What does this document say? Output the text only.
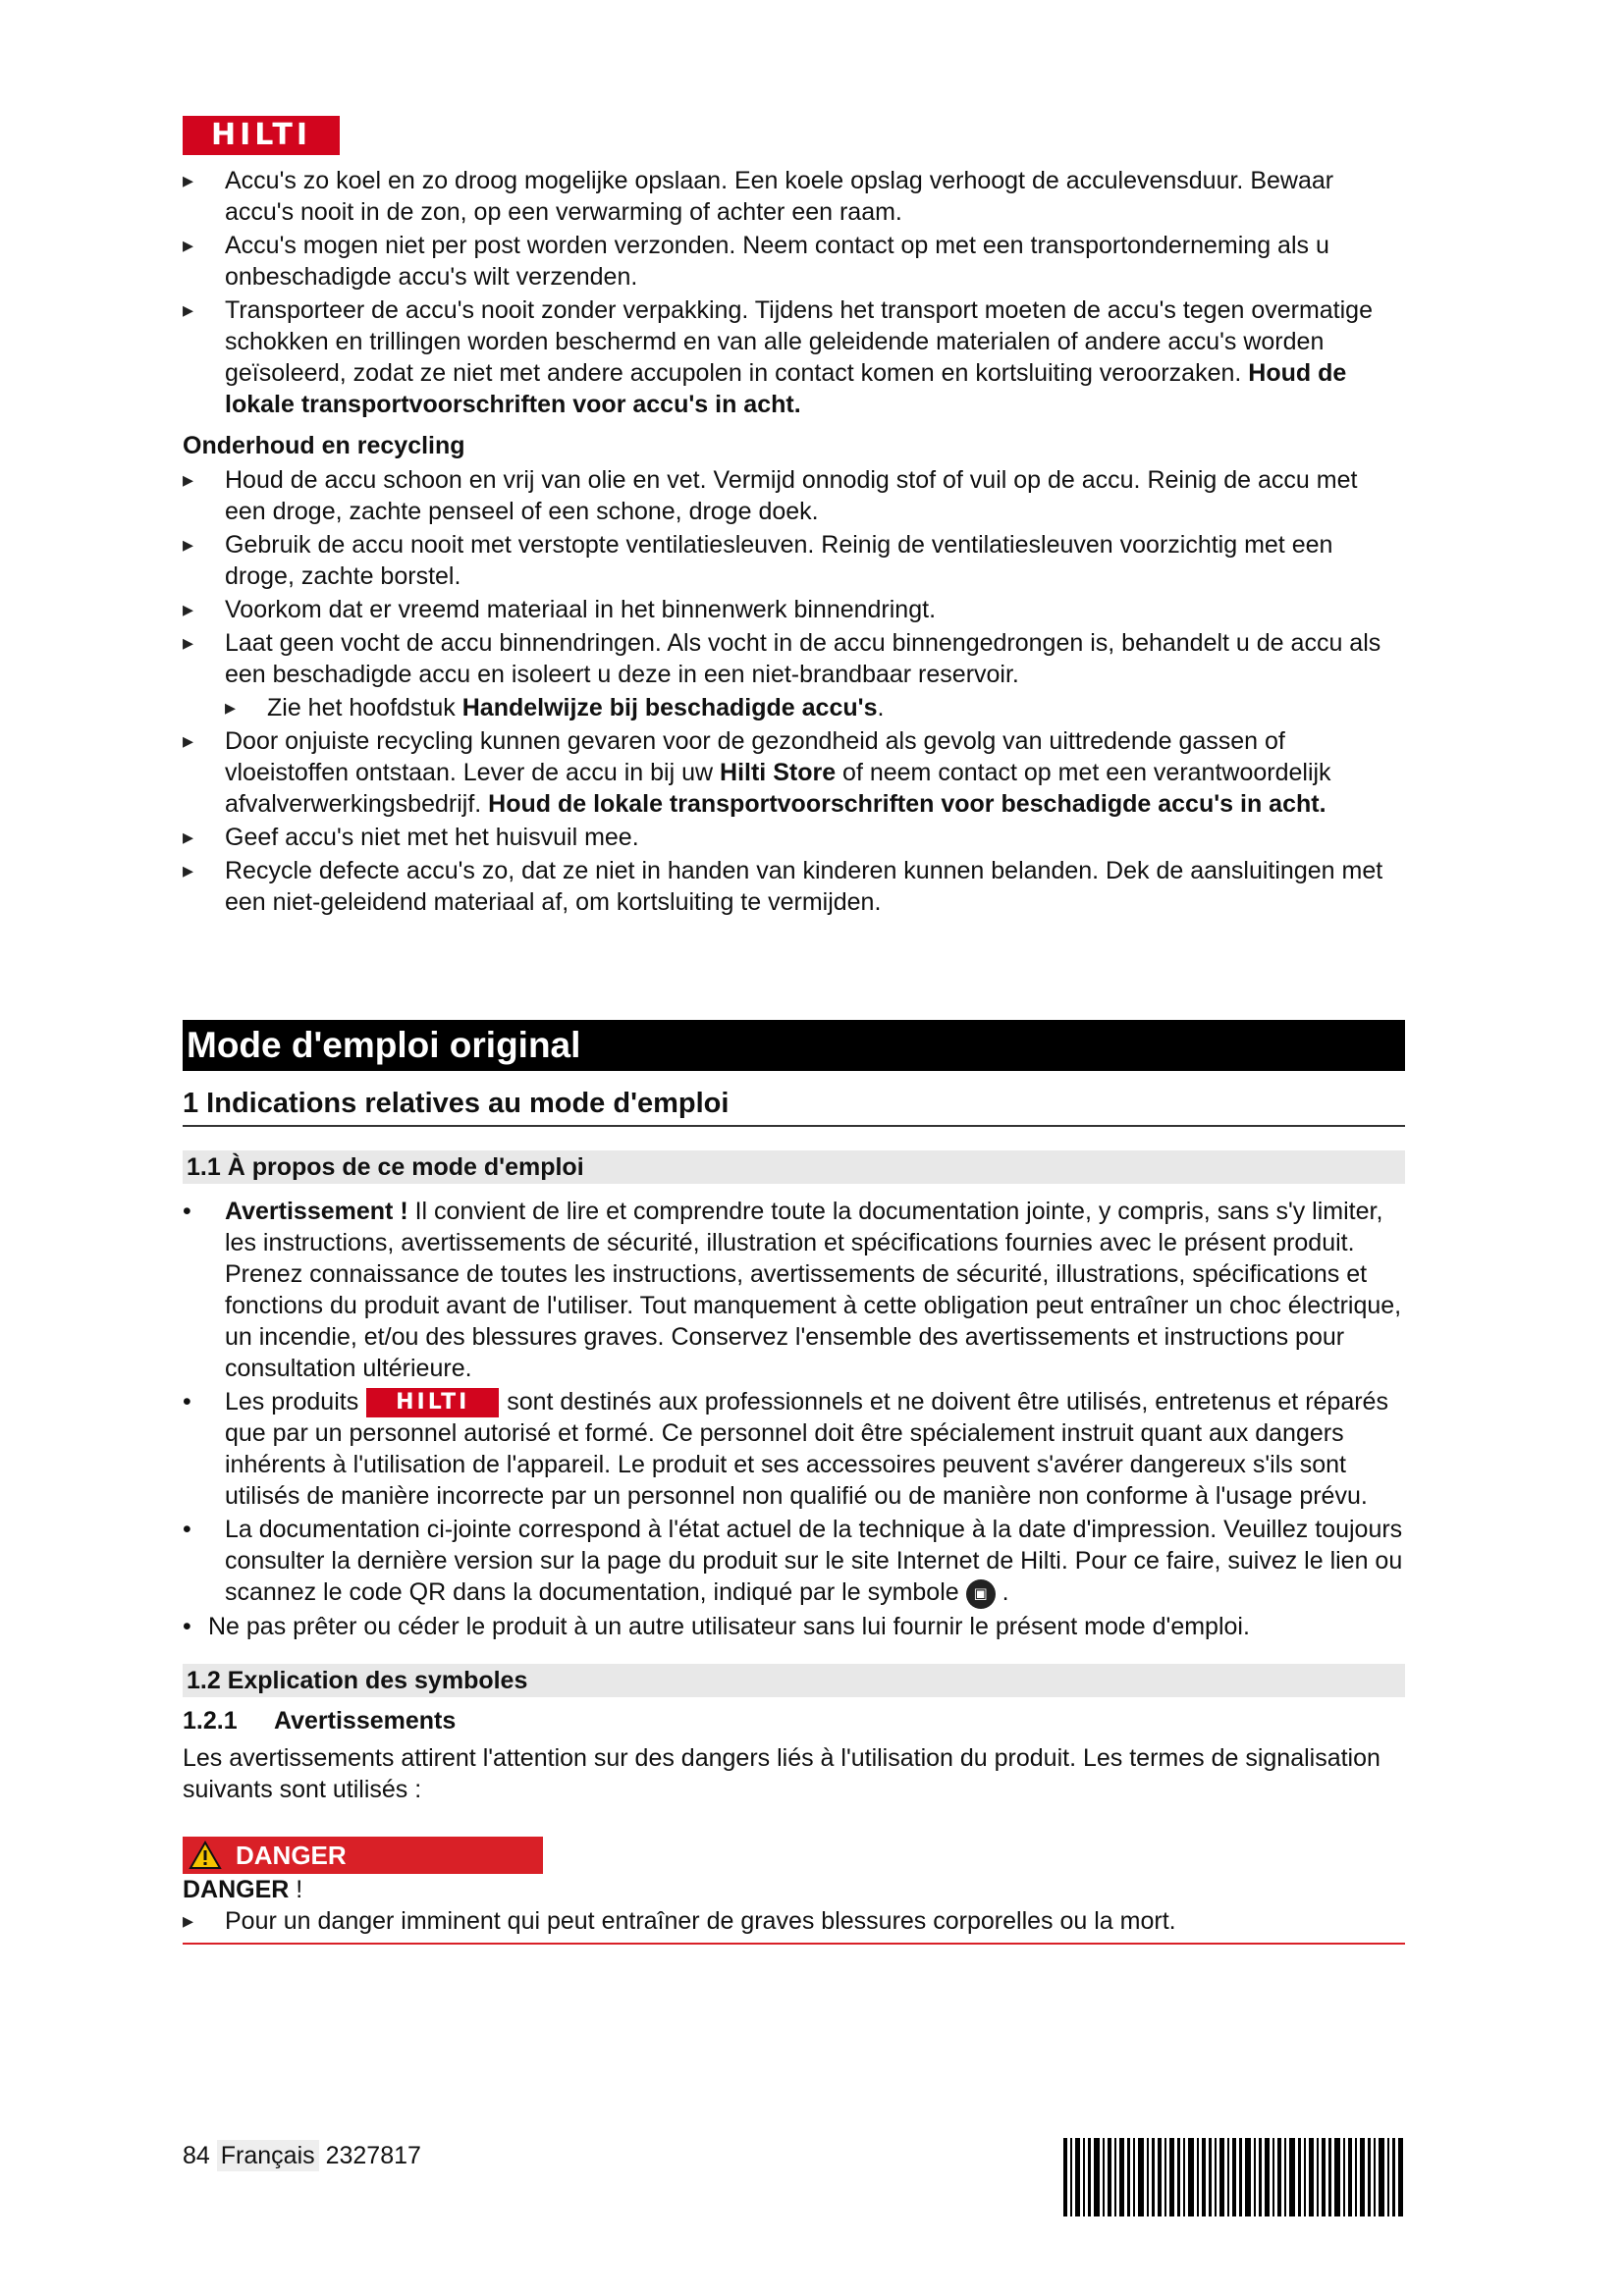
HILTI
▸ Accu's zo koel en zo droog mogelijke opslaan. Een koele opslag verhoogt de acculevensduur. Bewaar accu's nooit in de zon, op een verwarming of achter een raam.
▸ Accu's mogen niet per post worden verzonden. Neem contact op met een transportonderneming als u onbeschadigde accu's wilt verzenden.
▸ Transporteer de accu's nooit zonder verpakking. Tijdens het transport moeten de accu's tegen overmatige schokken en trillingen worden beschermd en van alle geleidende materialen of andere accu's worden geïsoleerd, zodat ze niet met andere accupolen in contact komen en kortsluiting veroorzaken. Houd de lokale transportvoorschriften voor accu's in acht.
Onderhoud en recycling
▸ Houd de accu schoon en vrij van olie en vet. Vermijd onnodig stof of vuil op de accu. Reinig de accu met een droge, zachte penseel of een schone, droge doek.
▸ Gebruik de accu nooit met verstopte ventilatiesleuven. Reinig de ventilatiesleuven voorzichtig met een droge, zachte borstel.
▸ Voorkom dat er vreemd materiaal in het binnenwerk binnendringt.
▸ Laat geen vocht de accu binnendringen. Als vocht in de accu binnengedrongen is, behandelt u de accu als een beschadigde accu en isoleert u deze in een niet-brandbaar reservoir.
▸ Zie het hoofdstuk Handelwijze bij beschadigde accu's.
▸ Door onjuiste recycling kunnen gevaren voor de gezondheid als gevolg van uittredende gassen of vloeistoffen ontstaan. Lever de accu in bij uw Hilti Store of neem contact op met een verantwoordelijk afvalverwerkingsbedrijf. Houd de lokale transportvoorschriften voor beschadigde accu's in acht.
▸ Geef accu's niet met het huisvuil mee.
▸ Recycle defecte accu's zo, dat ze niet in handen van kinderen kunnen belanden. Dek de aansluitingen met een niet-geleidend materiaal af, om kortsluiting te vermijden.
Mode d'emploi original
1 Indications relatives au mode d'emploi
1.1 À propos de ce mode d'emploi
• Avertissement ! Il convient de lire et comprendre toute la documentation jointe, y compris, sans s'y limiter, les instructions, avertissements de sécurité, illustration et spécifications fournies avec le présent produit. Prenez connaissance de toutes les instructions, avertissements de sécurité, illustrations, spécifications et fonctions du produit avant de l'utiliser. Tout manquement à cette obligation peut entraîner un choc électrique, un incendie, et/ou des blessures graves. Conservez l'ensemble des avertissements et instructions pour consultation ultérieure.
• Les produits HILTI sont destinés aux professionnels et ne doivent être utilisés, entretenus et réparés que par un personnel autorisé et formé. Ce personnel doit être spécialement instruit quant aux dangers inhérents à l'utilisation de l'appareil. Le produit et ses accessoires peuvent s'avérer dangereux s'ils sont utilisés de manière incorrecte par un personnel non qualifié ou de manière non conforme à l'usage prévu.
• La documentation ci-jointe correspond à l'état actuel de la technique à la date d'impression. Veuillez toujours consulter la dernière version sur la page du produit sur le site Internet de Hilti. Pour ce faire, suivez le lien ou scannez le code QR dans la documentation, indiqué par le symbole ▣ .
• Ne pas prêter ou céder le produit à un autre utilisateur sans lui fournir le présent mode d'emploi.
1.2 Explication des symboles
1.2.1	Avertissements
Les avertissements attirent l'attention sur des dangers liés à l'utilisation du produit. Les termes de signalisation suivants sont utilisés :
DANGER
DANGER !
▸ Pour un danger imminent qui peut entraîner de graves blessures corporelles ou la mort.
84 Français 2327817
